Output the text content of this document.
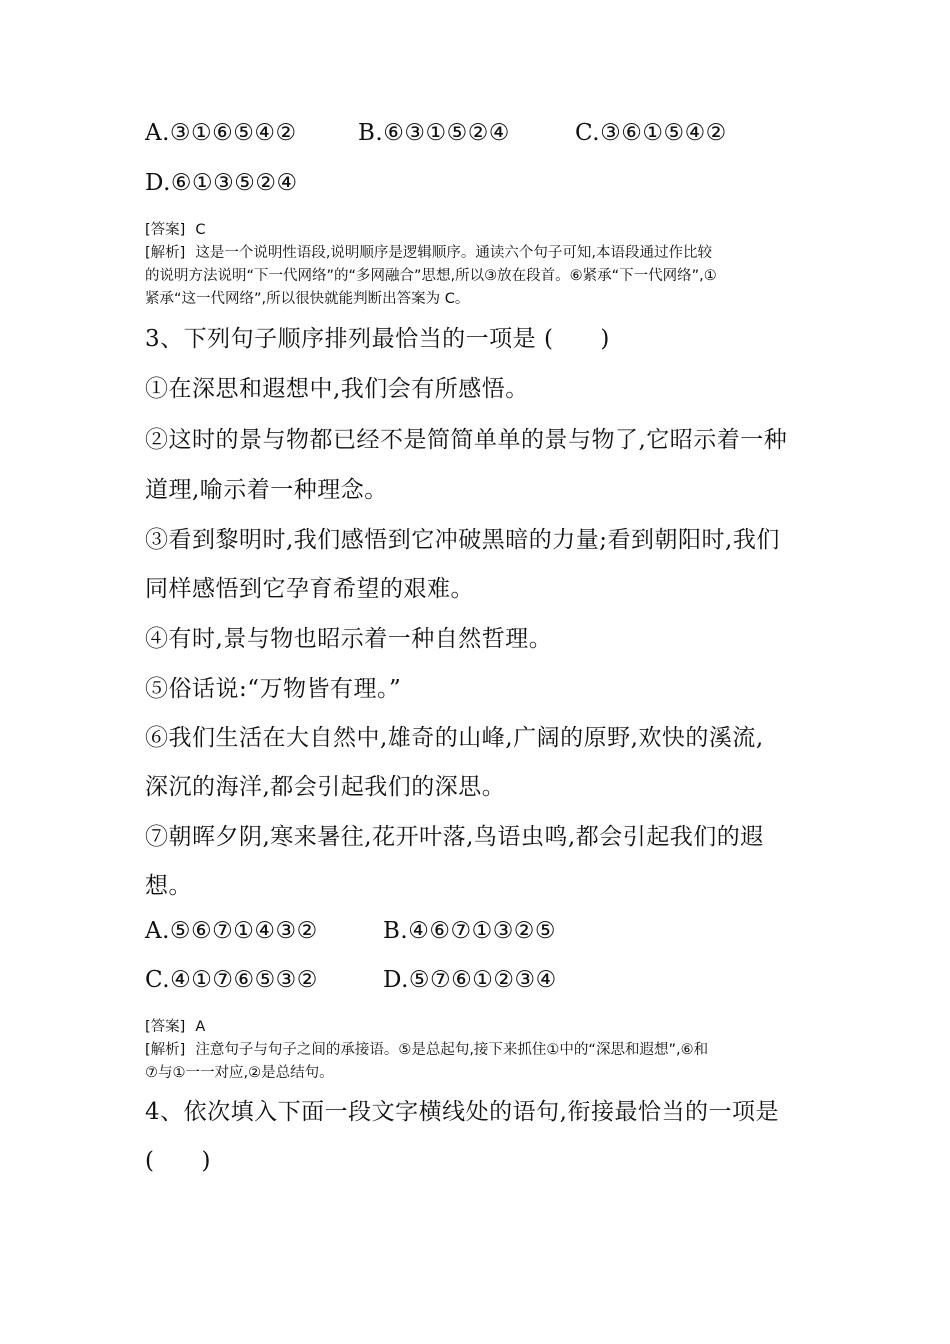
A.③①⑥⑤④②	B.⑥③①⑤②④	C.③⑥①⑤④②
D.⑥①③⑤②④

[答案] C

[解析] 这是一个说明性语段,说明顺序是逻辑顺序。通读六个句子可知,本语段通过作比较

的说明方法说明“下一代网络”的“多网融合”思想,所以③放在段首。⑥紧承“下一代网络”,①

紧承“这一代网络”,所以很快就能判断出答案为 C。

3、下列句子顺序排列最恰当的一项是 (　　)
①在深思和遐想中,我们会有所感悟。
②这时的景与物都已经不是简简单单的景与物了,它昭示着一种
道理,喻示着一种理念。
③看到黎明时,我们感悟到它冲破黑暗的力量;看到朝阳时,我们
同样感悟到它孕育希望的艰难。
④有时,景与物也昭示着一种自然哲理。
⑤俗话说:“万物皆有理。”
⑥我们生活在大自然中,雄奇的山峰,广阔的原野,欢快的溪流,
深沉的海洋,都会引起我们的深思。
⑦朝晖夕阴,寒来暑往,花开叶落,鸟语虫鸣,都会引起我们的遐
想。
A.⑤⑥⑦①④③②	B.④⑥⑦①③②⑤
C.④①⑦⑥⑤③②	D.⑤⑦⑥①②③④

[答案] A

[解析] 注意句子与句子之间的承接语。⑤是总起句,接下来抓住①中的“深思和遐想”,⑥和

⑦与①一一对应,②是总结句。

4、依次填入下面一段文字横线处的语句,衔接最恰当的一项是
(　　)
